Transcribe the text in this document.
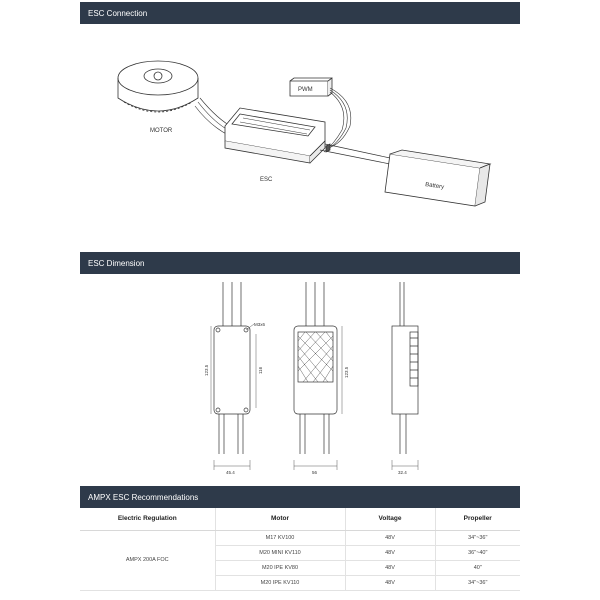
ESC Connection
MOTOR
ESC
PWM
Battery
ESC Dimension
M3x6
123.5	116
45.4
123.5
56	32.4
AMPX ESC Recommendations
Electric Regulation	Motor	Voltage	Propeller
AMPX 200A FOC	M17 KV100	48V	34"~36"
	M20 MINI KV110	48V	36"~40"
	M20 IPE KV80	48V	40"
	M20 IPE KV110	48V	34"~36"
